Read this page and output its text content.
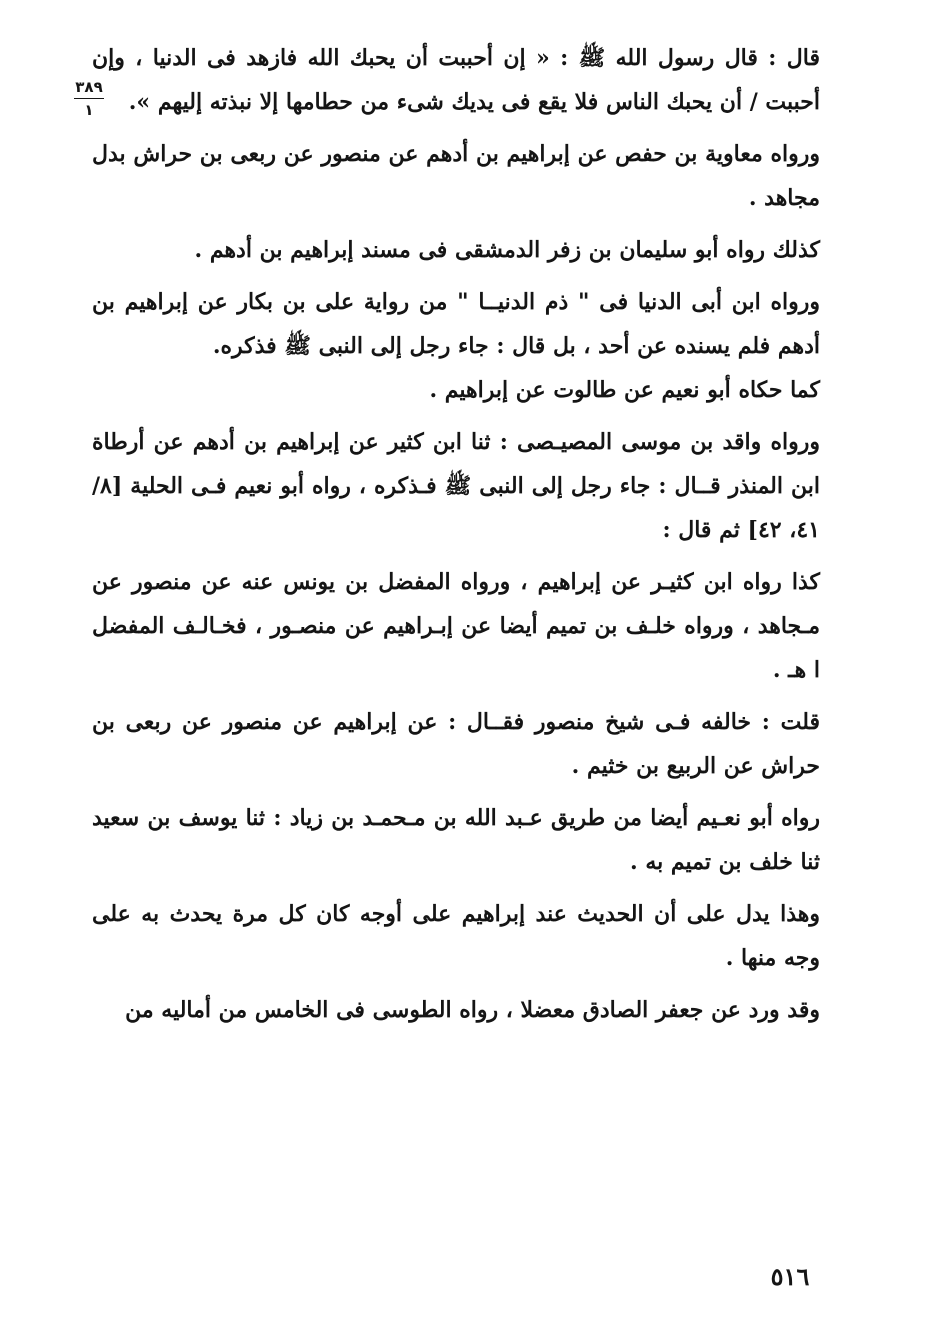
٣٨٩
١

قال : قال رسول الله ﷺ : « إن أحببت أن يحبك الله فازهد فى الدنيا ، وإن أحببت / أن يحبك الناس فلا يقع فى يديك شىء من حطامها إلا نبذته إليهم ».

ورواه معاوية بن حفص عن إبراهيم بن أدهم عن منصور عن ربعى بن حراش بدل مجاهد .

كذلك رواه أبو سليمان بن زفر الدمشقى فى مسند إبراهيم بن أدهم .

ورواه ابن أبى الدنيا فى " ذم الدنيــا " من رواية على بن بكار عن إبراهيم بن أدهم فلم يسنده عن أحد ، بل قال : جاء رجل إلى النبى ﷺ فذكره.

كما حكاه أبو نعيم عن طالوت عن إبراهيم .

ورواه واقد بن موسى المصيـصى : ثنا ابن كثير عن إبراهيم بن أدهم عن أرطاة ابن المنذر قــال : جاء رجل إلى النبى ﷺ فـذكره ، رواه أبو نعيم فـى الحلية [٨/ ٤١، ٤٢] ثم قال :

كذا رواه ابن كثيـر عن إبراهيم ، ورواه المفضل بن يونس عنه عن منصور عن مـجاهد ، ورواه خلـف بن تميم أيضا عن إبـراهيم عن منصـور ، فخـالـف المفضل ا هـ .

قلت : خالفه فـى شيخ منصور فقــال : عن إبراهيم عن منصور عن ربعى بن حراش عن الربيع بن خثيم .

رواه أبو نعـيم أيضا من طريق عـبد الله بن مـحمـد بن زياد : ثنا يوسف بن سعيد ثنا خلف بن تميم به .

وهذا يدل على أن الحديث عند إبراهيم على أوجه كان كل مرة يحدث به على وجه منها .

وقد ورد عن جعفر الصادق معضلا ، رواه الطوسى فى الخامس من أماليه من

٥١٦
